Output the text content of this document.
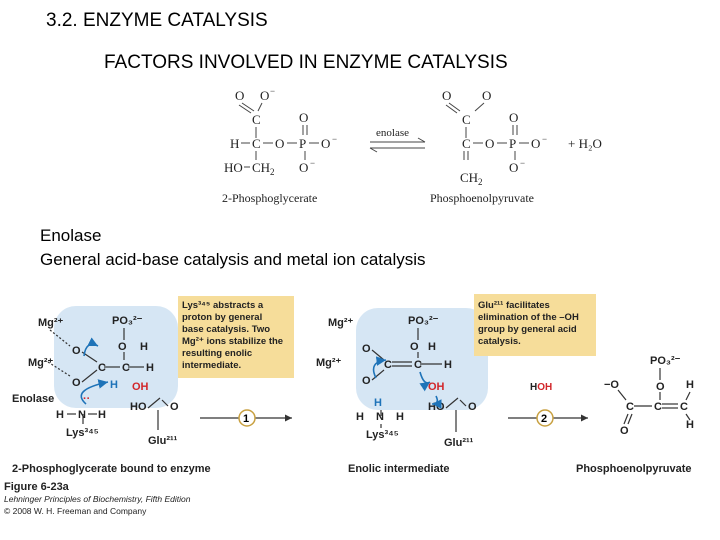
3.2. ENZYME CATALYSIS
FACTORS INVOLVED IN ENZYME CATALYSIS
O O −
C
H C O P O −
O
O −
HO CH 2
enolase
O O
C
C O P O −
O
O −
CH 2
+ H₂O
2-Phosphoglycerate	Phosphoenolpyruvate
Enolase
General acid-base catalysis and metal ion catalysis
Mg²⁺
Mg²⁺
PO₃²⁻
C C H
O
O
O H
H OH
Enolase
H N H
Lys³⁴⁵
HO O
Glu²¹¹
··
Lys³⁴⁵ abstracts a
proton by general
base catalysis. Two
Mg²⁺ ions stabilize the
resulting enolic
intermediate.
1
Mg²⁺
Mg²⁺
PO₃²⁻
C C H
O
O
O H
OH
H
H N H
Lys³⁴⁵
HO O
Glu²¹¹
Glu²¹¹ facilitates
elimination of the –OH
group by general acid
catalysis.
HOH
2
PO₃²⁻
O
−O
C C C
O
H
H
2-Phosphoglycerate bound to enzyme	Enolic intermediate	Phosphoenolpyruvate
Figure 6-23a
Lehninger Principles of Biochemistry, Fifth Edition
© 2008 W. H. Freeman and Company
